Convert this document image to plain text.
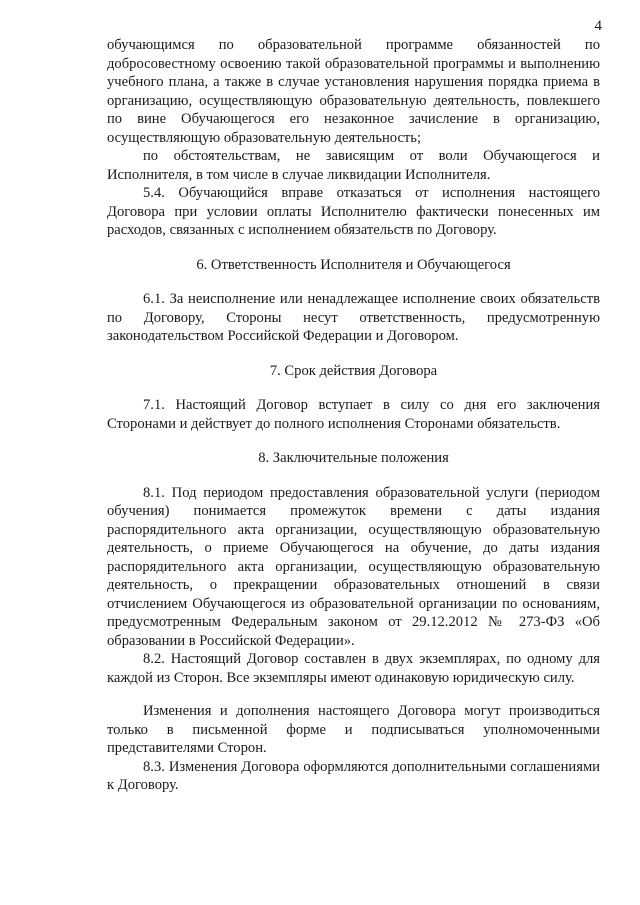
4

обучающимся по образовательной программе обязанностей по добросовестному освоению такой образовательной программы и выполнению учебного плана, а также в случае установления нарушения порядка приема в организацию, осуществляющую образовательную деятельность, повлекшего по вине Обучающегося его незаконное зачисление в организацию, осуществляющую образовательную деятельность;

по обстоятельствам, не зависящим от воли Обучающегося и Исполнителя, в том числе в случае ликвидации Исполнителя.

5.4. Обучающийся вправе отказаться от исполнения настоящего Договора при условии оплаты Исполнителю фактически понесенных им расходов, связанных с исполнением обязательств по Договору.

6. Ответственность Исполнителя и Обучающегося

6.1. За неисполнение или ненадлежащее исполнение своих обязательств по Договору, Стороны несут ответственность, предусмотренную законодательством Российской Федерации и Договором.

7. Срок действия Договора

7.1. Настоящий Договор вступает в силу со дня его заключения Сторонами и действует до полного исполнения Сторонами обязательств.

8. Заключительные положения

8.1. Под периодом предоставления образовательной услуги (периодом обучения) понимается промежуток времени с даты издания распорядительного акта организации, осуществляющую образовательную деятельность, о приеме Обучающегося на обучение, до даты издания распорядительного акта организации, осуществляющую образовательную деятельность, о прекращении образовательных отношений в связи отчислением Обучающегося из образовательной организации по основаниям, предусмотренным Федеральным законом от 29.12.2012 № 273-ФЗ «Об образовании в Российской Федерации».

8.2. Настоящий Договор составлен в двух экземплярах, по одному для каждой из Сторон. Все экземпляры имеют одинаковую юридическую силу.

Изменения и дополнения настоящего Договора могут производиться только в письменной форме и подписываться уполномоченными представителями Сторон.

8.3. Изменения Договора оформляются дополнительными соглашениями к Договору.
